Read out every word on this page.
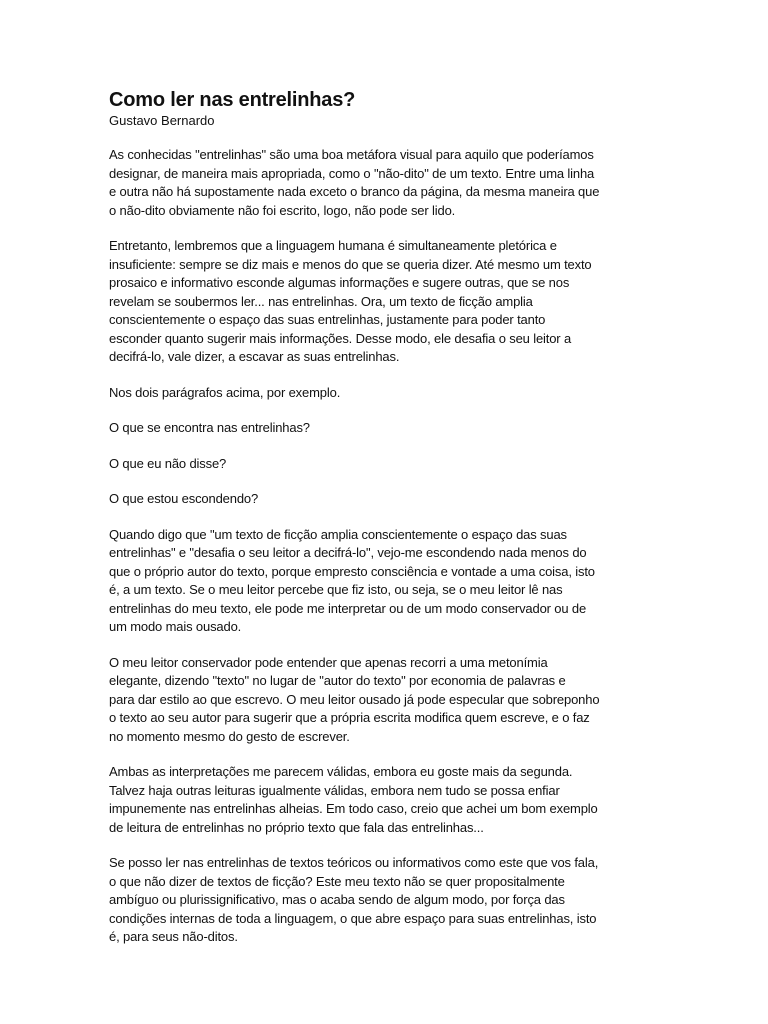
Como ler nas entrelinhas?

Gustavo Bernardo

As conhecidas "entrelinhas" são uma boa metáfora visual para aquilo que poderíamos
designar, de maneira mais apropriada, como o "não-dito" de um texto. Entre uma linha
e outra não há supostamente nada exceto o branco da página, da mesma maneira que
o não-dito obviamente não foi escrito, logo, não pode ser lido.

Entretanto, lembremos que a linguagem humana é simultaneamente pletórica e
insuficiente: sempre se diz mais e menos do que se queria dizer. Até mesmo um texto
prosaico e informativo esconde algumas informações e sugere outras, que se nos
revelam se soubermos ler... nas entrelinhas. Ora, um texto de ficção amplia
conscientemente o espaço das suas entrelinhas, justamente para poder tanto
esconder quanto sugerir mais informações. Desse modo, ele desafia o seu leitor a
decifrá-lo, vale dizer, a escavar as suas entrelinhas.

Nos dois parágrafos acima, por exemplo.

O que se encontra nas entrelinhas?

O que eu não disse?

O que estou escondendo?

Quando digo que "um texto de ficção amplia conscientemente o espaço das suas
entrelinhas" e "desafia o seu leitor a decifrá-lo", vejo-me escondendo nada menos do
que o próprio autor do texto, porque empresto consciência e vontade a uma coisa, isto
é, a um texto. Se o meu leitor percebe que fiz isto, ou seja, se o meu leitor lê nas
entrelinhas do meu texto, ele pode me interpretar ou de um modo conservador ou de
um modo mais ousado.

O meu leitor conservador pode entender que apenas recorri a uma metonímia
elegante, dizendo "texto" no lugar de "autor do texto" por economia de palavras e
para dar estilo ao que escrevo. O meu leitor ousado já pode especular que sobreponho
o texto ao seu autor para sugerir que a própria escrita modifica quem escreve, e o faz
no momento mesmo do gesto de escrever.

Ambas as interpretações me parecem válidas, embora eu goste mais da segunda.
Talvez haja outras leituras igualmente válidas, embora nem tudo se possa enfiar
impunemente nas entrelinhas alheias. Em todo caso, creio que achei um bom exemplo
de leitura de entrelinhas no próprio texto que fala das entrelinhas...

Se posso ler nas entrelinhas de textos teóricos ou informativos como este que vos fala,
o que não dizer de textos de ficção? Este meu texto não se quer propositalmente
ambíguo ou plurissignificativo, mas o acaba sendo de algum modo, por força das
condições internas de toda a linguagem, o que abre espaço para suas entrelinhas, isto
é, para seus não-ditos.
